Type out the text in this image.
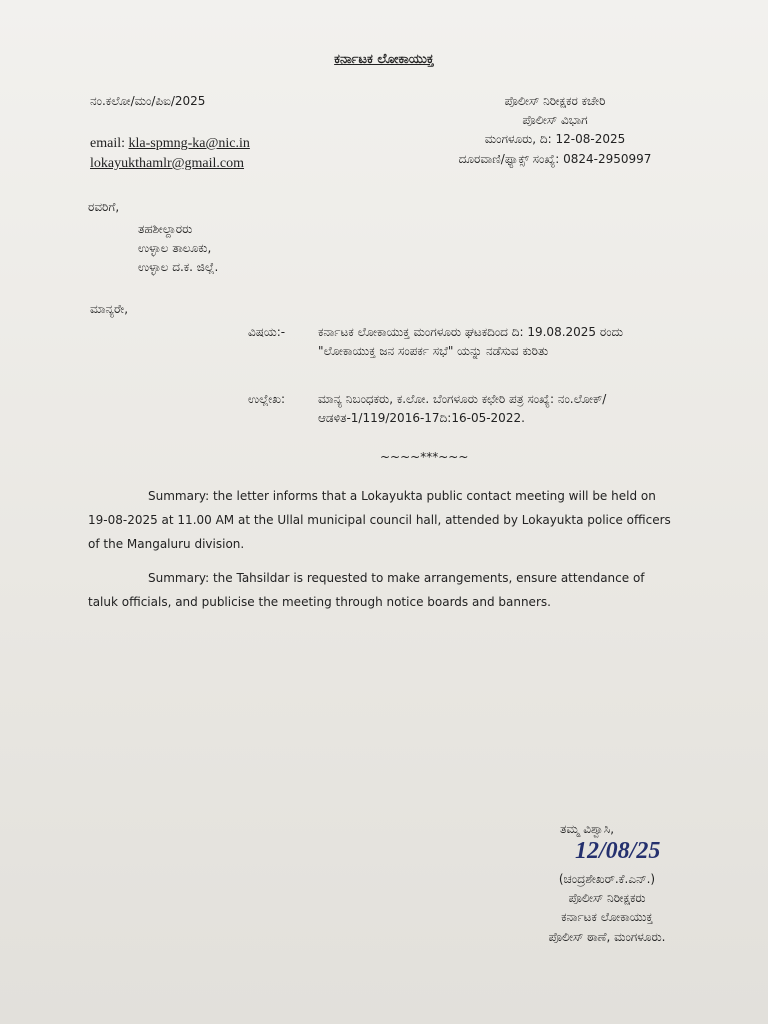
ಕರ್ನಾಟಕ ಲೋಕಾಯುಕ್ತ
ನಂ.ಕಲೋ/ಮಂ/ಪಿಐ/2025	ಪೊಲೀಸ್ ನಿರೀಕ್ಷಕರ ಕಚೇರಿ
ಪೊಲೀಸ್ ವಿಭಾಗ
ಮಂಗಳೂರು, ದಿ: 12-08-2025
ದೂರವಾಣಿ/ಫ್ಯಾಕ್ಸ್ ಸಂಖ್ಯೆ: 0824-2950997
email: kla-spmng-ka@nic.in
lokayukthamlr@gmail.com
ರವರಿಗೆ,
ತಹಶೀಲ್ದಾರರು
ಉಳ್ಳಾಲ ತಾಲೂಕು,
ಉಳ್ಳಾಲ ದ.ಕ. ಜಿಲ್ಲೆ.
ಮಾನ್ಯರೇ,
ವಿಷಯ:-	ಕರ್ನಾಟಕ ಲೋಕಾಯುಕ್ತ ಮಂಗಳೂರು ಘಟಕದಿಂದ ದಿ: 19.08.2025 ರಂದು "ಲೋಕಾಯುಕ್ತ ಜನ ಸಂಪರ್ಕ ಸಭೆ" ಯನ್ನು ನಡೆಸುವ ಕುರಿತು
ಉಲ್ಲೇಖ:	ಮಾನ್ಯ ನಿಬಂಧಕರು, ಕ.ಲೋ. ಬೆಂಗಳೂರು ಕಛೇರಿ ಪತ್ರ ಸಂಖ್ಯೆ: ನಂ.ಲೋಕ್/ಆಡಳಿತ-1/119/2016-17ದಿ:16-05-2022.
~~~~***~~~

Summary: the letter informs that a Lokayukta public contact meeting will be held on 19-08-2025 at 11.00 AM at the Ullal municipal council hall, attended by Lokayukta police officers of the Mangaluru division.

Summary: the Tahsildar is requested to make arrangements, ensure attendance of taluk officials, and publicise the meeting through notice boards and banners.

ತಮ್ಮ ವಿಶ್ವಾಸಿ,
12/08/25
(ಚಂದ್ರಶೇಖರ್.ಕೆ.ಎನ್.)
ಪೊಲೀಸ್ ನಿರೀಕ್ಷಕರು
ಕರ್ನಾಟಕ ಲೋಕಾಯುಕ್ತ
ಪೊಲೀಸ್ ಠಾಣೆ, ಮಂಗಳೂರು.
